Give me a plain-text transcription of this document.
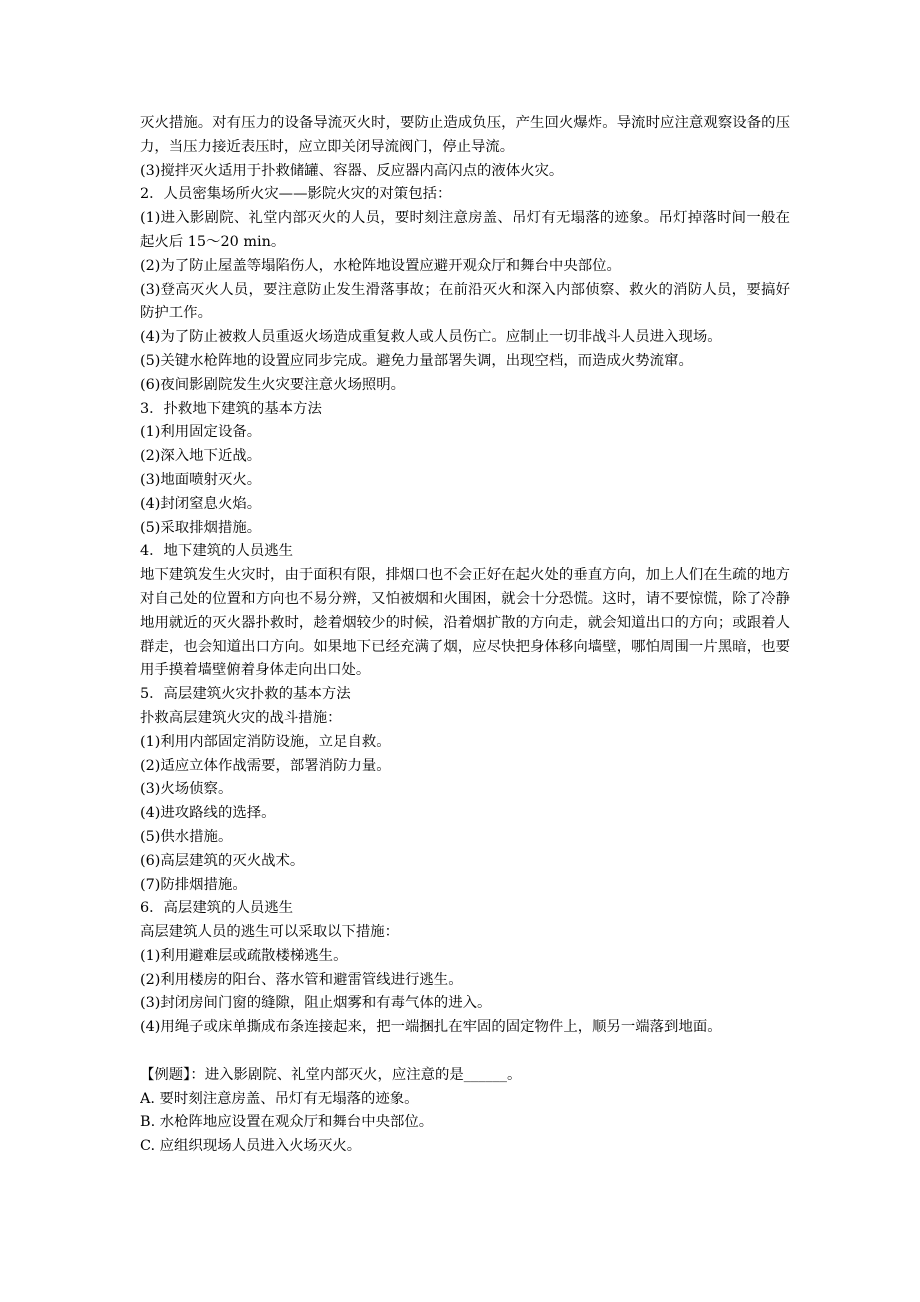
灭火措施。对有压力的设备导流灭火时，要防止造成负压，产生回火爆炸。导流时应注意观察设备的压力，当压力接近表压时，应立即关闭导流阀门，停止导流。
(3)搅拌灭火适用于扑救储罐、容器、反应器内高闪点的液体火灾。
2．人员密集场所火灾——影院火灾的对策包括：
(1)进入影剧院、礼堂内部灭火的人员，要时刻注意房盖、吊灯有无塌落的迹象。吊灯掉落时间一般在起火后 15～20 min。
(2)为了防止屋盖等塌陷伤人，水枪阵地设置应避开观众厅和舞台中央部位。
(3)登高灭火人员，要注意防止发生滑落事故；在前沿灭火和深入内部侦察、救火的消防人员，要搞好防护工作。
(4)为了防止被救人员重返火场造成重复救人或人员伤亡。应制止一切非战斗人员进入现场。
(5)关键水枪阵地的设置应同步完成。避免力量部署失调，出现空档，而造成火势流窜。
(6)夜间影剧院发生火灾要注意火场照明。
3．扑救地下建筑的基本方法
(1)利用固定设备。
(2)深入地下近战。
(3)地面喷射灭火。
(4)封闭窒息火焰。
(5)采取排烟措施。
4．地下建筑的人员逃生
地下建筑发生火灾时，由于面积有限，排烟口也不会正好在起火处的垂直方向，加上人们在生疏的地方对自己处的位置和方向也不易分辨，又怕被烟和火围困，就会十分恐慌。这时，请不要惊慌，除了冷静地用就近的灭火器扑救时，趁着烟较少的时候，沿着烟扩散的方向走，就会知道出口的方向；或跟着人群走，也会知道出口方向。如果地下已经充满了烟，应尽快把身体移向墙壁，哪怕周围一片黑暗，也要用手摸着墙壁俯着身体走向出口处。
5．高层建筑火灾扑救的基本方法
扑救高层建筑火灾的战斗措施：
(1)利用内部固定消防设施，立足自救。
(2)适应立体作战需要，部署消防力量。
(3)火场侦察。
(4)进攻路线的选择。
(5)供水措施。
(6)高层建筑的灭火战术。
(7)防排烟措施。
6．高层建筑的人员逃生
高层建筑人员的逃生可以采取以下措施：
(1)利用避难层或疏散楼梯逃生。
(2)利用楼房的阳台、落水管和避雷管线进行逃生。
(3)封闭房间门窗的缝隙，阻止烟雾和有毒气体的进入。
(4)用绳子或床单撕成布条连接起来，把一端捆扎在牢固的固定物件上，顺另一端落到地面。
【例题】：进入影剧院、礼堂内部灭火，应注意的是______。
A. 要时刻注意房盖、吊灯有无塌落的迹象。
B. 水枪阵地应设置在观众厅和舞台中央部位。
C. 应组织现场人员进入火场灭火。
